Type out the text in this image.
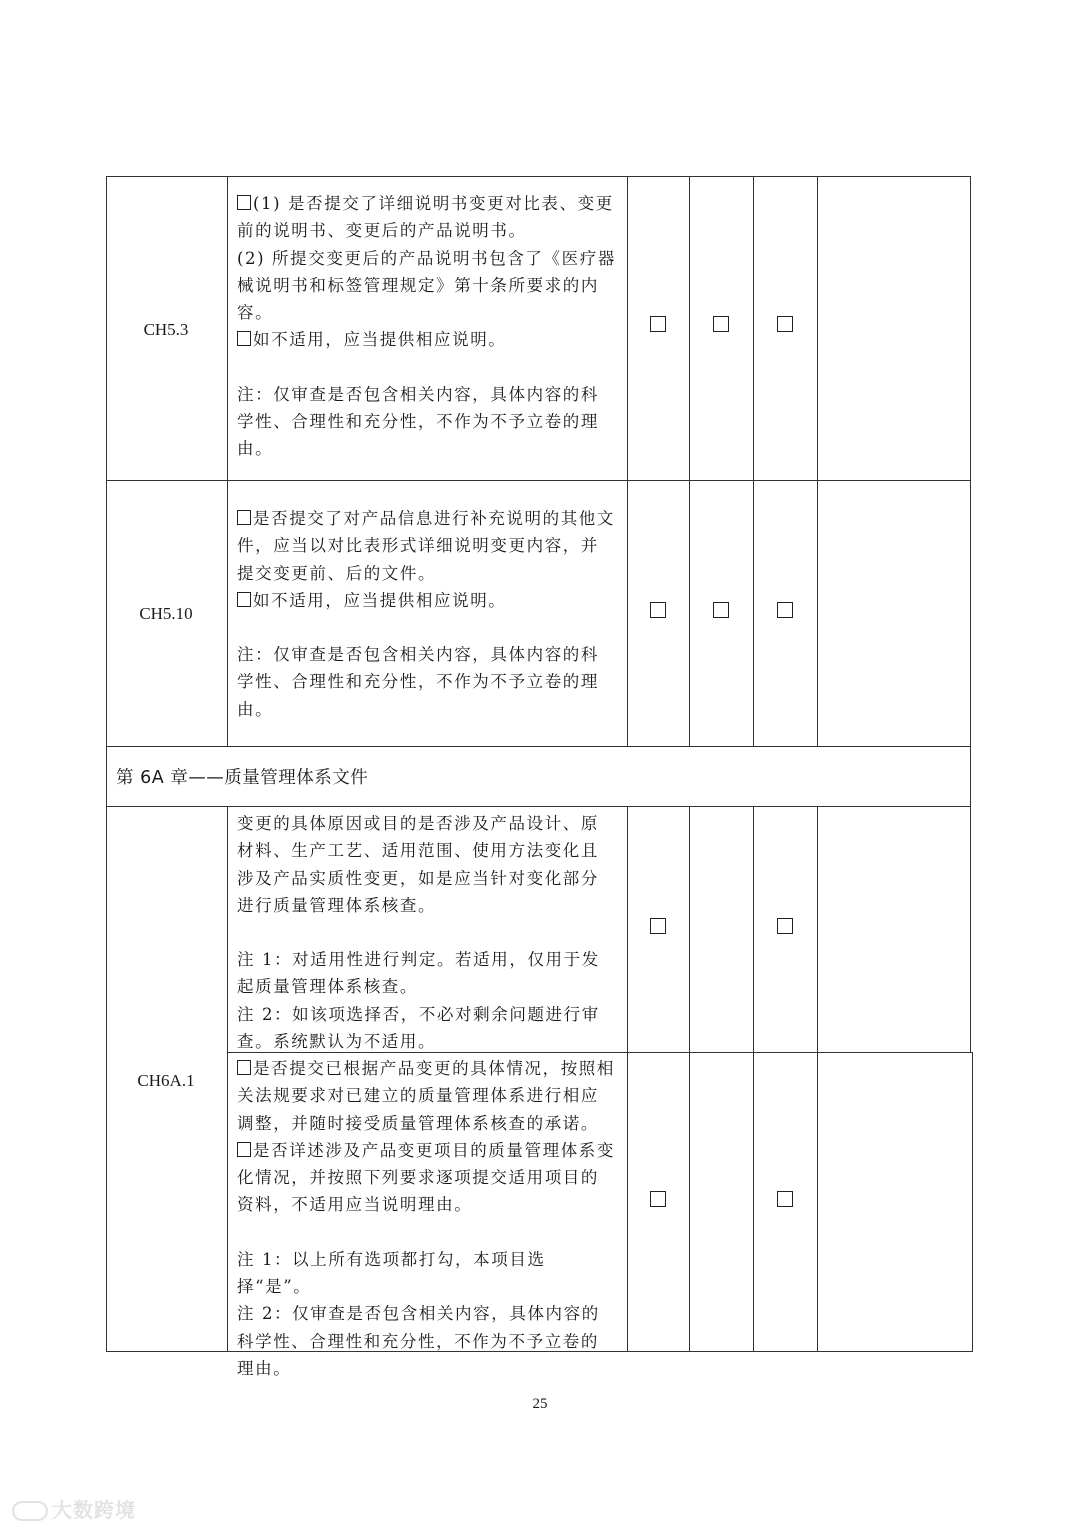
CH5.3

(1) 是否提交了详细说明书变更对比表、变更前的说明书、变更后的产品说明书。

(2) 所提交变更后的产品说明书包含了《医疗器械说明书和标签管理规定》第十条所要求的内容。

如不适用，应当提供相应说明。

注：仅审查是否包含相关内容，具体内容的科学性、合理性和充分性，不作为不予立卷的理由。

CH5.10

是否提交了对产品信息进行补充说明的其他文件，应当以对比表形式详细说明变更内容，并提交变更前、后的文件。

如不适用，应当提供相应说明。

注：仅审查是否包含相关内容，具体内容的科学性、合理性和充分性，不作为不予立卷的理由。

第 6A 章——质量管理体系文件
CH6A.1

变更的具体原因或目的是否涉及产品设计、原材料、生产工艺、适用范围、使用方法变化且涉及产品实质性变更，如是应当针对变化部分进行质量管理体系核查。

注 1：对适用性进行判定。若适用，仅用于发起质量管理体系核查。

注 2：如该项选择否，不必对剩余问题进行审查。系统默认为不适用。

是否提交已根据产品变更的具体情况，按照相关法规要求对已建立的质量管理体系进行相应调整，并随时接受质量管理体系核查的承诺。

是否详述涉及产品变更项目的质量管理体系变化情况，并按照下列要求逐项提交适用项目的资料，不适用应当说明理由。

注 1：以上所有选项都打勾，本项目选择“是”。

注 2：仅审查是否包含相关内容，具体内容的科学性、合理性和充分性，不作为不予立卷的理由。

25
大数跨境
